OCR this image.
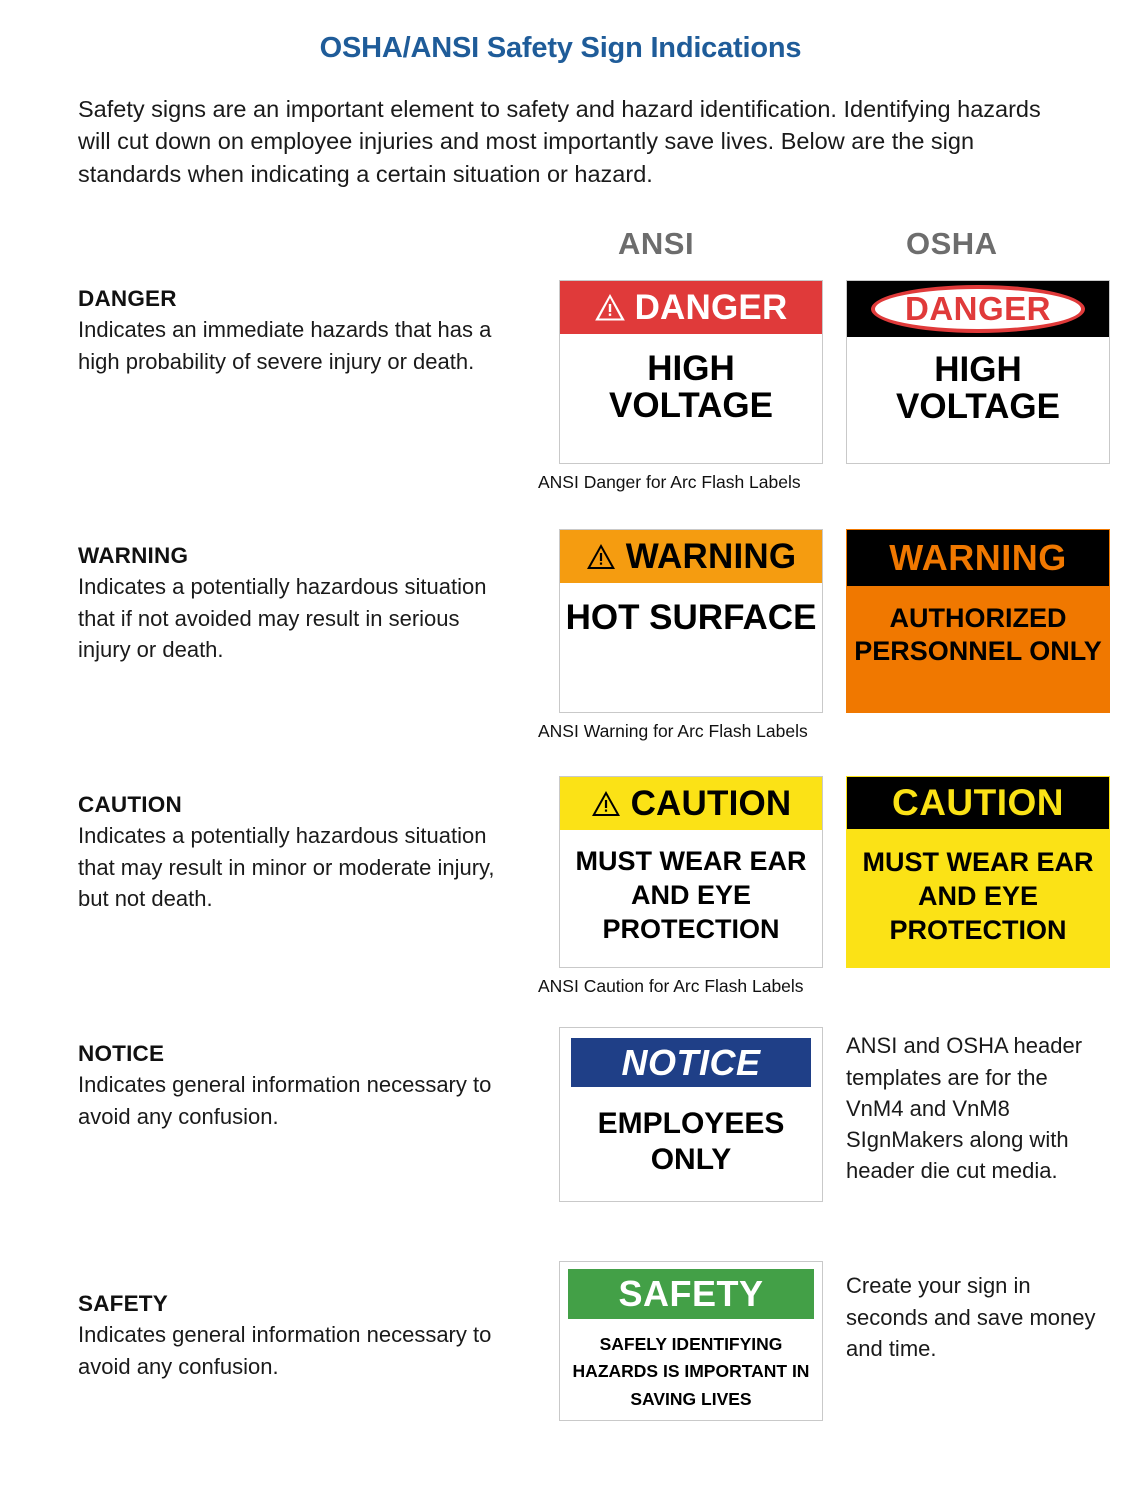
OSHA/ANSI Safety Sign Indications
Safety signs are an important element to safety and hazard identification. Identifying hazards will cut down on employee injuries and most importantly save lives. Below are the sign standards when indicating a certain situation or hazard.
ANSI	OSHA
DANGER

Indicates an immediate hazards that has a high probability of severe injury or death.

DANGER
HIGH VOLTAGE
DANGER
HIGH VOLTAGE
ANSI Danger for Arc Flash Labels
WARNING

Indicates a potentially hazardous situation that if not avoided may result in serious injury or death.

WARNING
HOT SURFACE
WARNING
AUTHORIZED PERSONNEL ONLY
ANSI Warning for Arc Flash Labels
CAUTION

Indicates a potentially hazardous situation that may result in minor or moderate injury, but not death.

CAUTION
MUST WEAR EAR AND EYE PROTECTION
CAUTION
MUST WEAR EAR AND EYE PROTECTION
ANSI Caution for Arc Flash Labels
NOTICE

Indicates general information necessary to avoid any confusion.

NOTICE
EMPLOYEES ONLY
ANSI and OSHA header templates are for the VnM4 and VnM8 SIgnMakers along with header die cut media.
SAFETY

Indicates general information necessary to avoid any confusion.

SAFETY
SAFELY IDENTIFYING HAZARDS IS IMPORTANT IN SAVING LIVES
Create your sign in seconds and save money and time.
